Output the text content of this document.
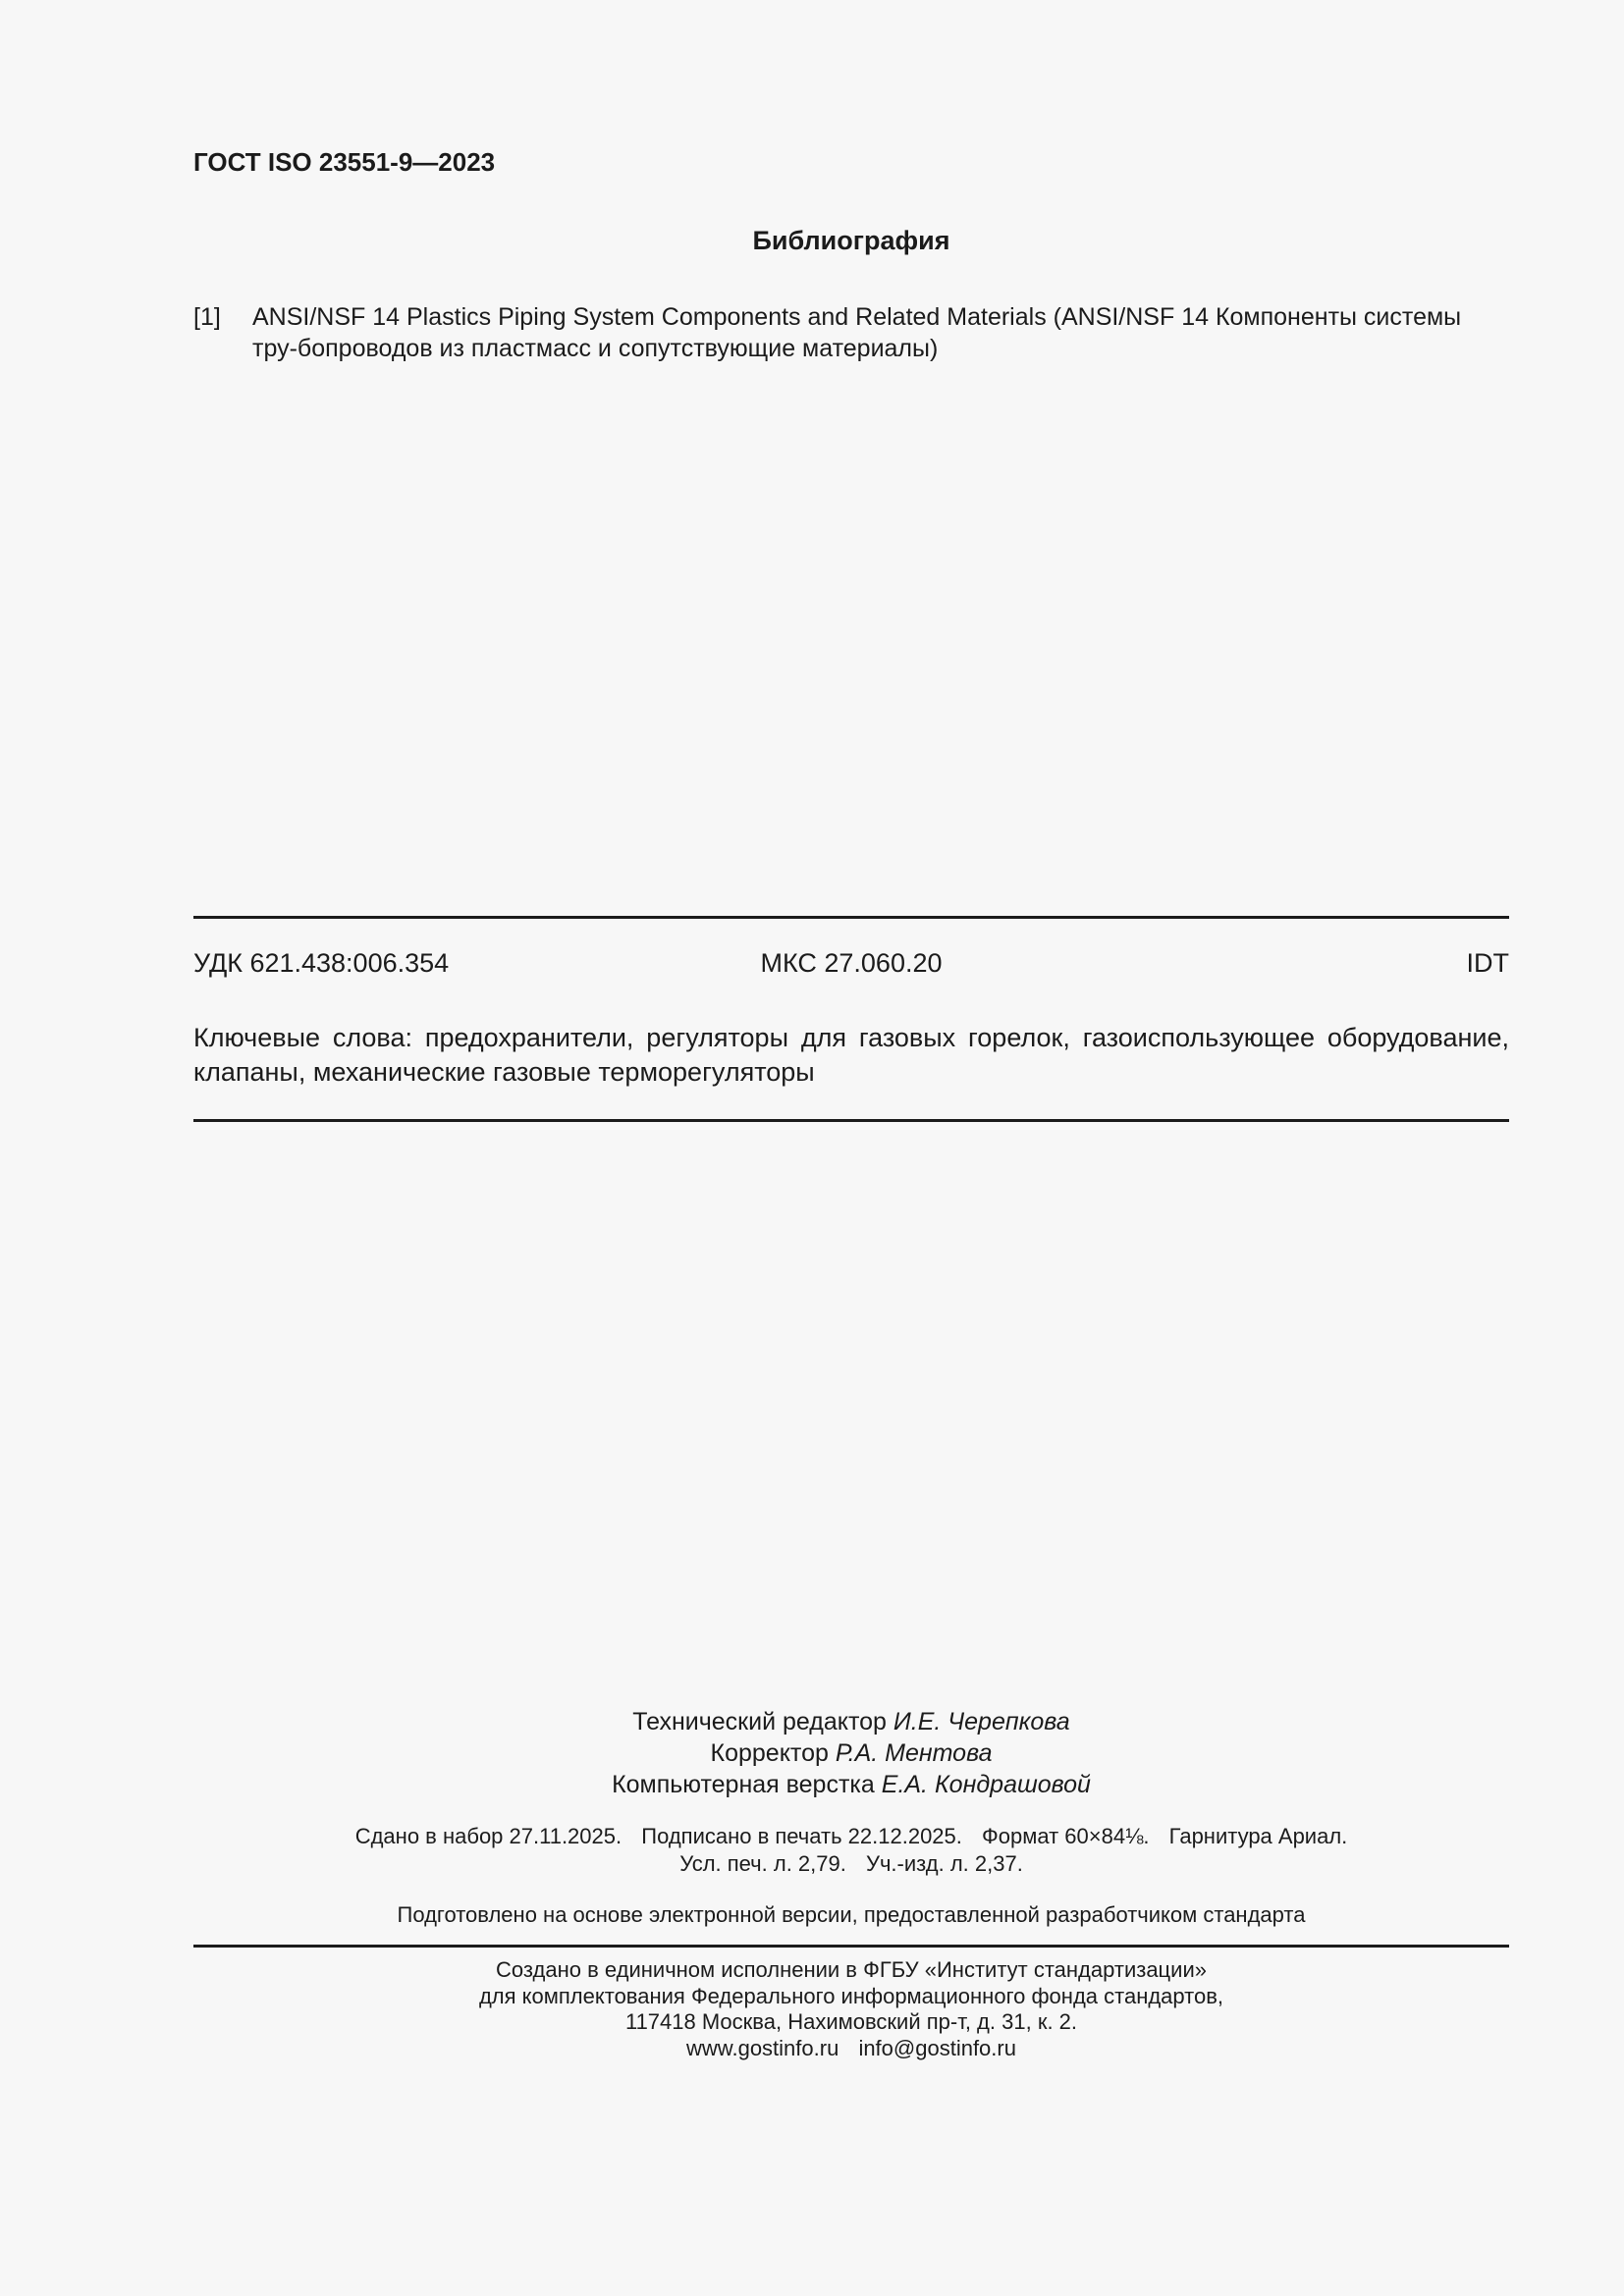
ГОСТ ISO 23551-9—2023
Библиография
[1] ANSI/NSF 14 Plastics Piping System Components and Related Materials (ANSI/NSF 14 Компоненты системы тру-бопроводов из пластмасс и сопутствующие материалы)
УДК 621.438:006.354	МКС 27.060.20	IDT
Ключевые слова: предохранители, регуляторы для газовых горелок, газоиспользующее оборудование, клапаны, механические газовые терморегуляторы
Технический редактор И.Е. Черепкова
Корректор Р.А. Ментова
Компьютерная верстка Е.А. Кондрашовой
Сдано в набор 27.11.2025. Подписано в печать 22.12.2025. Формат 60×84⅛. Гарнитура Ариал.
Усл. печ. л. 2,79. Уч.-изд. л. 2,37.
Подготовлено на основе электронной версии, предоставленной разработчиком стандарта
Создано в единичном исполнении в ФГБУ «Институт стандартизации»
для комплектования Федерального информационного фонда стандартов,
117418 Москва, Нахимовский пр-т, д. 31, к. 2.
www.gostinfo.ru info@gostinfo.ru
